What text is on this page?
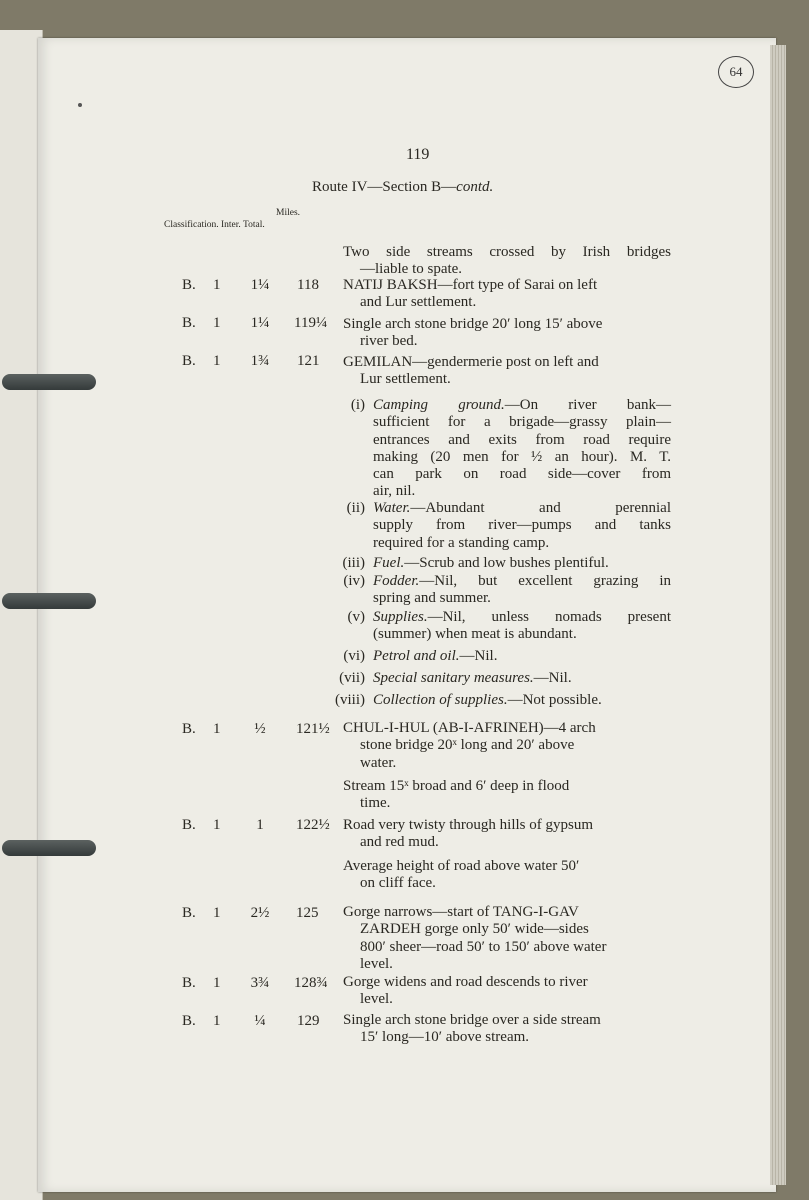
64
119
Route IV—Section B—contd.
Miles.
Classification. Inter. Total.
Two side streams crossed by Irish bridges
—liable to spate.
B. 1 1¼ 118 NATIJ BAKSH—fort type of Sarai on left
and Lur settlement.
B. 1 1¼ 119¼ Single arch stone bridge 20′ long 15′ above
river bed.
B. 1 1¾ 121 GEMILAN—gendermerie post on left and
Lur settlement.
(i) Camping ground.—On river bank—
sufficient for a brigade—grassy plain—
entrances and exits from road require
making (20 men for ½ an hour). M. T.
can park on road side—cover from
air, nil.
(ii) Water.—Abundant and perennial
supply from river—pumps and tanks
required for a standing camp.
(iii) Fuel.—Scrub and low bushes plentiful.
(iv) Fodder.—Nil, but excellent grazing in
spring and summer.
(v) Supplies.—Nil, unless nomads present
(summer) when meat is abundant.
(vi) Petrol and oil.—Nil.
(vii) Special sanitary measures.—Nil.
(viii) Collection of supplies.—Not possible.
B. 1 ½ 121½ CHUL-I-HUL (AB-I-AFRINEH)—4 arch
stone bridge 20ˣ long and 20′ above
water.
Stream 15ˣ broad and 6′ deep in flood
time.
B. 1	1	122½ Road very twisty through hills of gypsum
and red mud.
Average height of road above water 50′
on cliff face.
B. 1 2½ 125 Gorge narrows—start of TANG-I-GAV
ZARDEH gorge only 50′ wide—sides
800′ sheer—road 50′ to 150′ above water
level.
B. 1 3¾ 128¾ Gorge widens and road descends to river
level.
B. 1 ¼ 129 Single arch stone bridge over a side stream
15′ long—10′ above stream.
